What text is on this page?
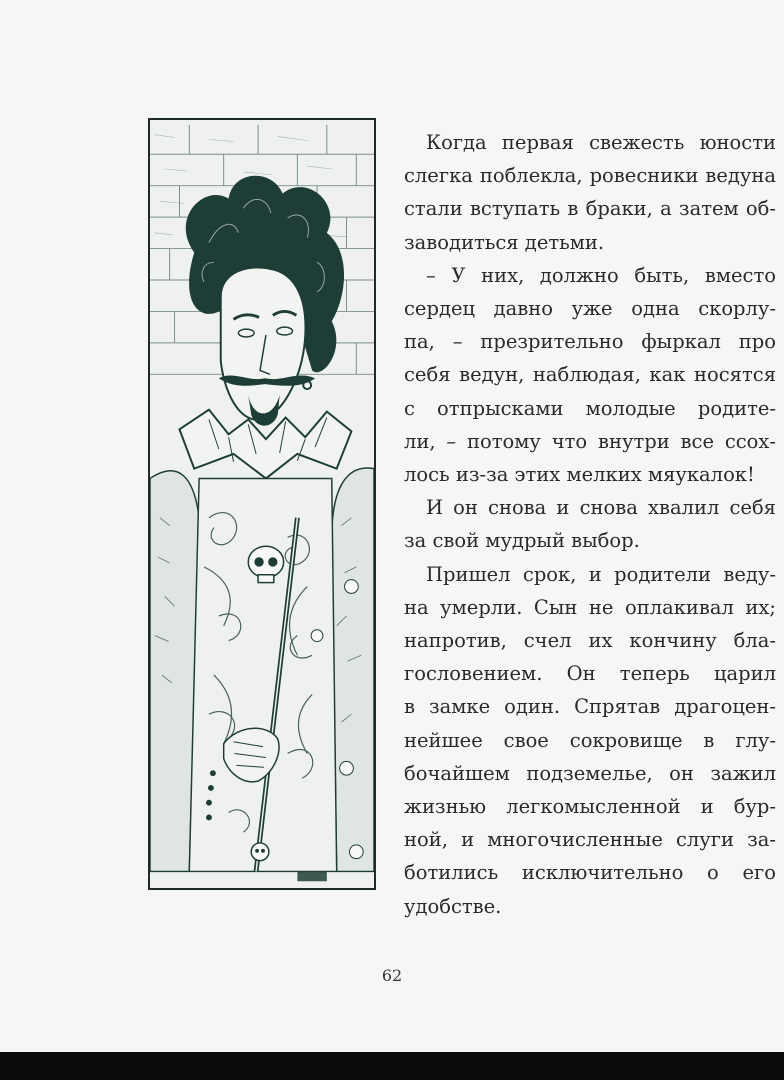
Когда первая свежесть юности
слегка поблекла, ровесники ведуна
стали вступать в браки, а затем об-
заводиться детьми.

– У них, должно быть, вместо
сердец давно уже одна скорлу-
па, – презрительно фыркал про
себя ведун, наблюдая, как носятся
с отпрысками молодые родите-
ли, – потому что внутри все ссох-
лось из-за этих мелких мяукалок!

И он снова и снова хвалил себя
за свой мудрый выбор.

Пришел срок, и родители веду-
на умерли. Сын не оплакивал их;
напротив, счел их кончину бла-
гословением. Он теперь царил
в замке один. Спрятав драгоцен-
нейшее свое сокровище в глу-
бочайшем подземелье, он зажил
жизнью легкомысленной и бур-
ной, и многочисленные слуги за-
ботились исключительно о его
удобстве.

62
